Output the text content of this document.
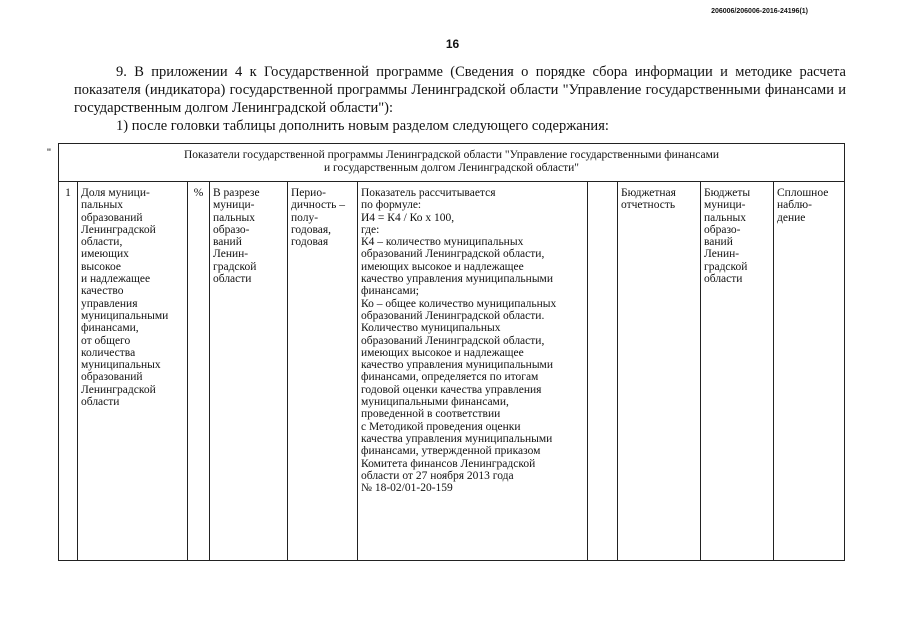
206006/206006-2016-24196(1)
16

9. В приложении 4 к Государственной программе (Сведения о порядке сбора информации и методике расчета показателя (индикатора) государственной программы Ленинградской области "Управление государственными финансами и государственным долгом Ленинградской области"):

1) после головки таблицы дополнить новым разделом следующего содержания:

"	Показатели государственной программы Ленинградской области "Управление государственными финансами
и государственным долгом Ленинградской области"
1 Доля муници-
пальных
образований
Ленинградской
области,
имеющих
высокое
и надлежащее
качество
управления
муниципальными
финансами,
от общего
количества
муниципальных
образований
Ленинградской
области
% В разрезе
муници-
пальных
образо-
ваний
Ленин-
градской
области
Перио-
дичность –
полу-
годовая,
годовая
Показатель рассчитывается
по формуле:
И4 = К4 / Ко х 100,
где:
К4 – количество муниципальных
образований Ленинградской области,
имеющих высокое и надлежащее
качество управления муниципальными
финансами;
Ко – общее количество муниципальных
образований Ленинградской области.
Количество муниципальных
образований Ленинградской области,
имеющих высокое и надлежащее
качество управления муниципальными
финансами, определяется по итогам
годовой оценки качества управления
муниципальными финансами,
проведенной в соответствии
с Методикой проведения оценки
качества управления муниципальными
финансами, утвержденной приказом
Комитета финансов Ленинградской
области от 27 ноября 2013 года
№ 18-02/01-20-159
Бюджетная
отчетность
Бюджеты
муници-
пальных
образо-
ваний
Ленин-
градской
области
Сплошное
наблю-
дение
